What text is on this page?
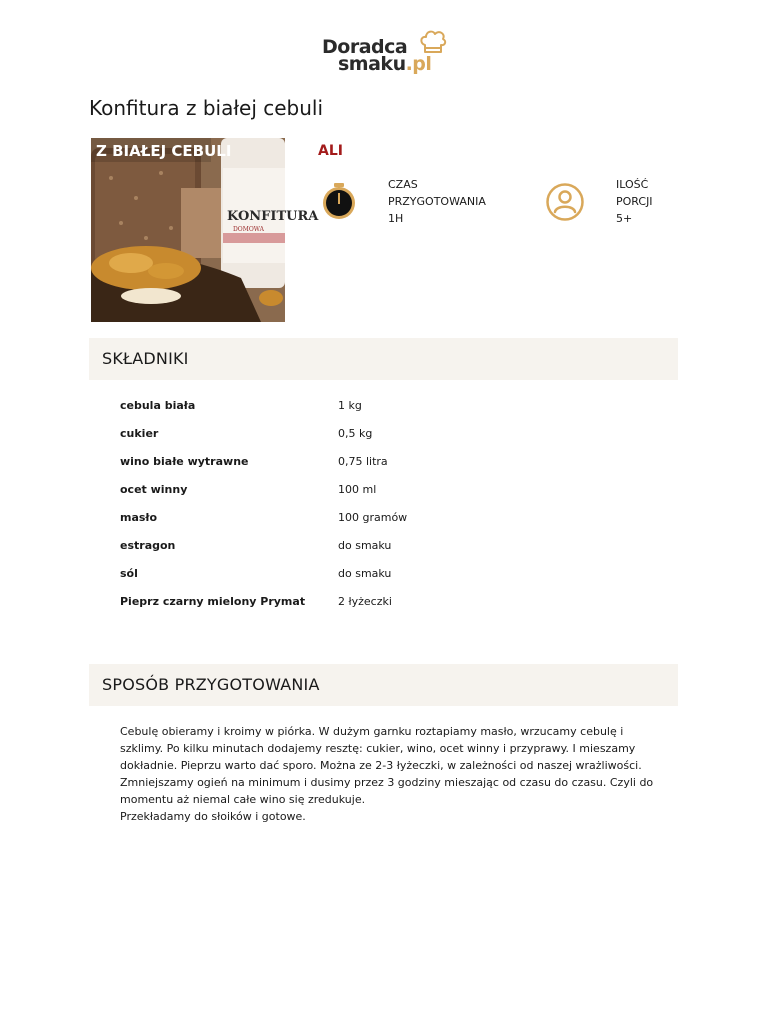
Doradca
smaku.pl
Konfitura z białej cebuli
KONFITURA
DOMOWA
Z BIAŁEJ CEBULI	ALI
CZAS
PRZYGOTOWANIA
1H
ILOŚĆ
PORCJI
5+
SKŁADNIKI
cebula biała	1 kg
cukier	0,5 kg
wino białe wytrawne	0,75 litra
ocet winny	100 ml
masło	100 gramów
estragon	do smaku
sól	do smaku
Pieprz czarny mielony Prymat	2 łyżeczki
SPOSÓB PRZYGOTOWANIA

Cebulę obieramy i kroimy w piórka. W dużym garnku roztapiamy masło, wrzucamy cebulę i szklimy. Po kilku minutach dodajemy resztę: cukier, wino, ocet winny i przyprawy. I mieszamy dokładnie. Pieprzu warto dać sporo. Można ze 2-3 łyżeczki, w zależności od naszej wrażliwości. Zmniejszamy ogień na minimum i dusimy przez 3 godziny mieszając od czasu do czasu. Czyli do momentu aż niemal całe wino się zredukuje.

Przekładamy do słoików i gotowe.
